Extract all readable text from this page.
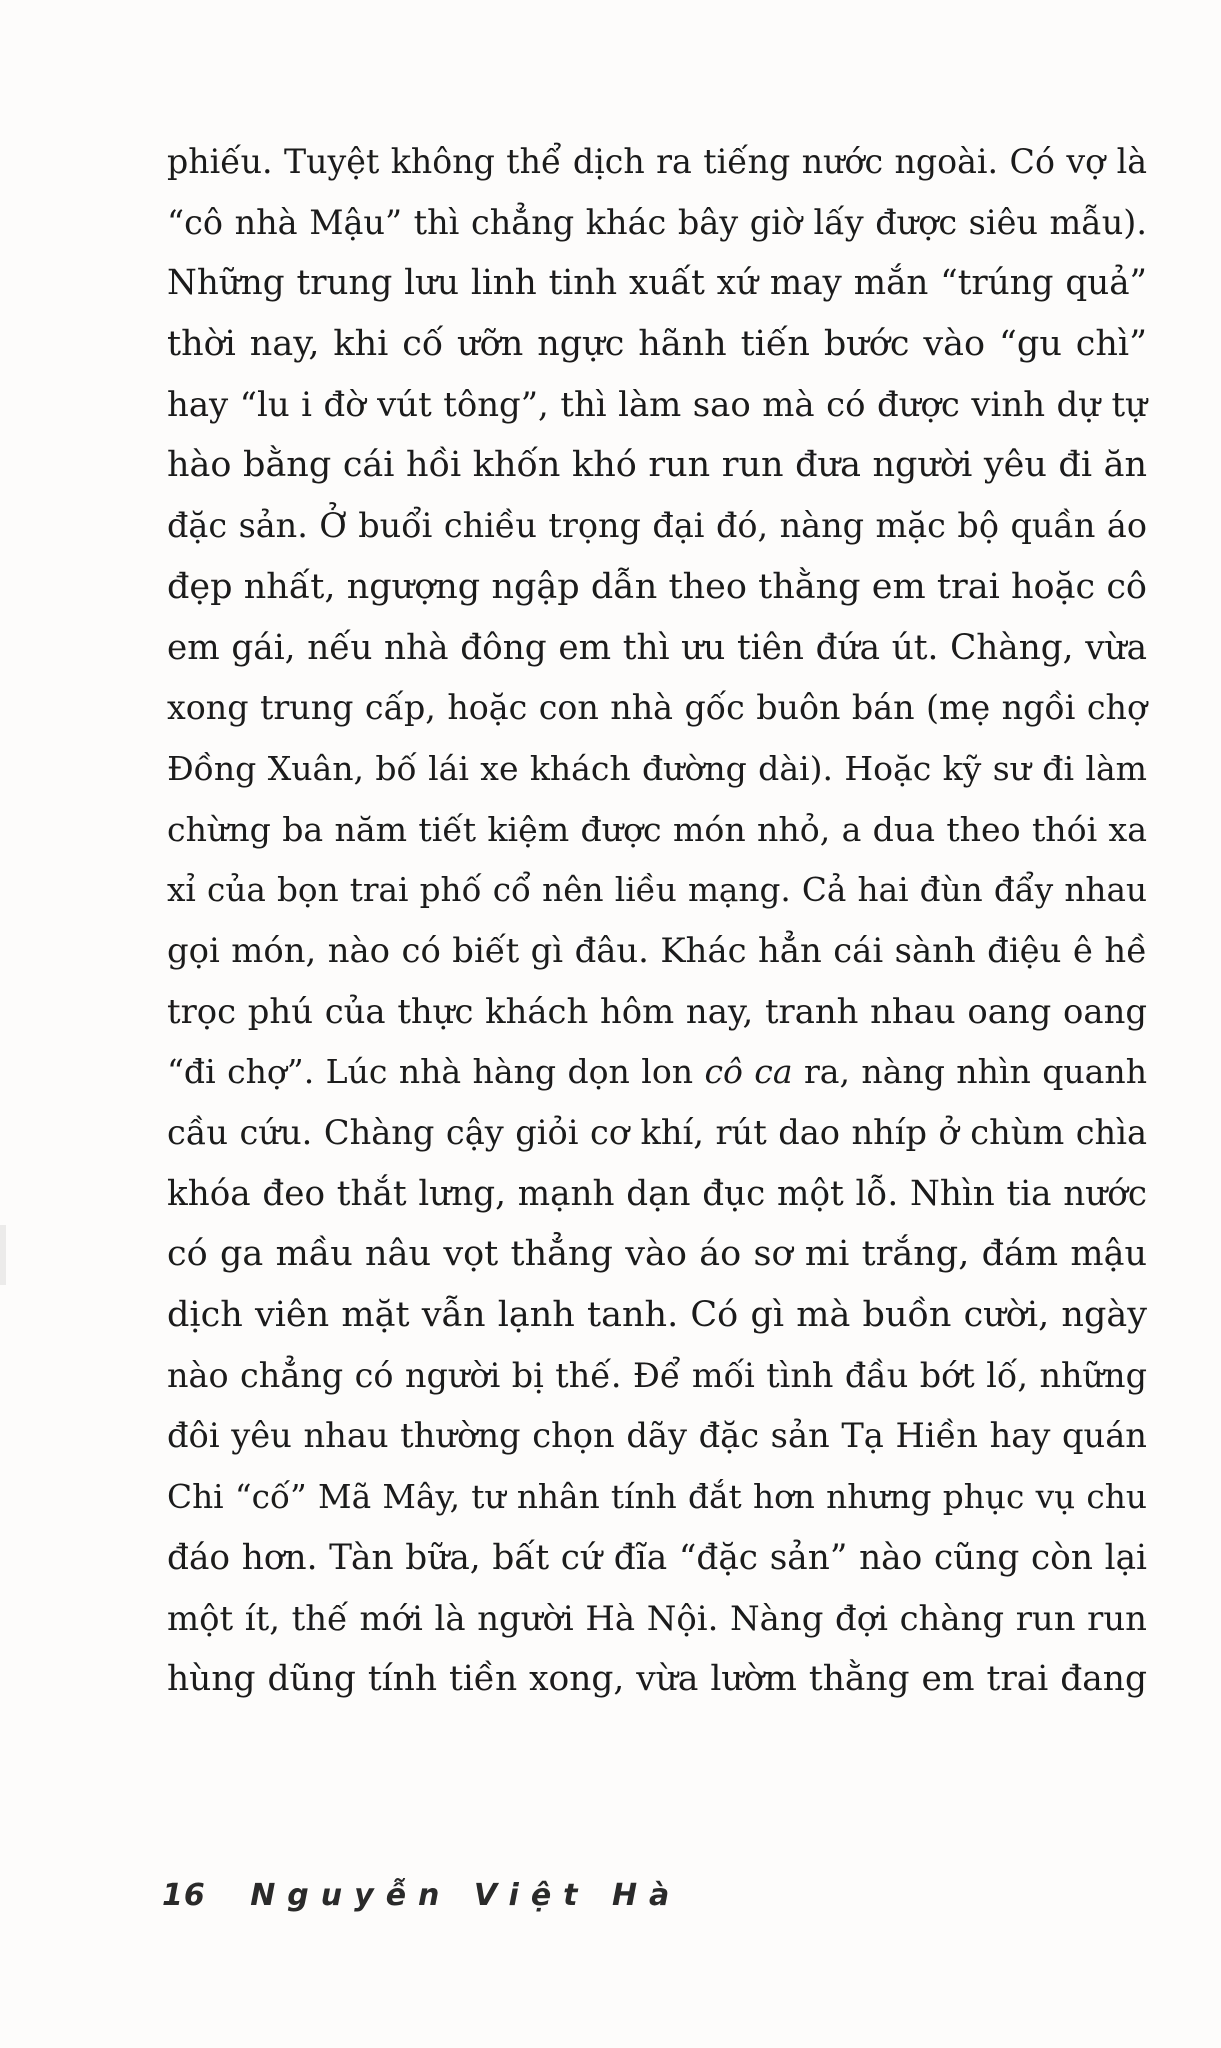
phiếu. Tuyệt không thể dịch ra tiếng nước ngoài. Có vợ là
“cô nhà Mậu” thì chẳng khác bây giờ lấy được siêu mẫu).
Những trung lưu linh tinh xuất xứ may mắn “trúng quả”
thời nay, khi cố ưỡn ngực hãnh tiến bước vào “gu chì”
hay “lu i đờ vút tông”, thì làm sao mà có được vinh dự tự
hào bằng cái hồi khốn khó run run đưa người yêu đi ăn
đặc sản. Ở buổi chiều trọng đại đó, nàng mặc bộ quần áo
đẹp nhất, ngượng ngập dẫn theo thằng em trai hoặc cô
em gái, nếu nhà đông em thì ưu tiên đứa út. Chàng, vừa
xong trung cấp, hoặc con nhà gốc buôn bán (mẹ ngồi chợ
Đồng Xuân, bố lái xe khách đường dài). Hoặc kỹ sư đi làm
chừng ba năm tiết kiệm được món nhỏ, a dua theo thói xa
xỉ của bọn trai phố cổ nên liều mạng. Cả hai đùn đẩy nhau
gọi món, nào có biết gì đâu. Khác hẳn cái sành điệu ê hề
trọc phú của thực khách hôm nay, tranh nhau oang oang
“đi chợ”. Lúc nhà hàng dọn lon cô ca ra, nàng nhìn quanh
cầu cứu. Chàng cậy giỏi cơ khí, rút dao nhíp ở chùm chìa
khóa đeo thắt lưng, mạnh dạn đục một lỗ. Nhìn tia nước
có ga mầu nâu vọt thẳng vào áo sơ mi trắng, đám mậu
dịch viên mặt vẫn lạnh tanh. Có gì mà buồn cười, ngày
nào chẳng có người bị thế. Để mối tình đầu bớt lố, những
đôi yêu nhau thường chọn dãy đặc sản Tạ Hiền hay quán
Chi “cố” Mã Mây, tư nhân tính đắt hơn nhưng phục vụ chu
đáo hơn. Tàn bữa, bất cứ đĩa “đặc sản” nào cũng còn lại
một ít, thế mới là người Hà Nội. Nàng đợi chàng run run
hùng dũng tính tiền xong, vừa lườm thằng em trai đang
16 Nguyễn Việt Hà
